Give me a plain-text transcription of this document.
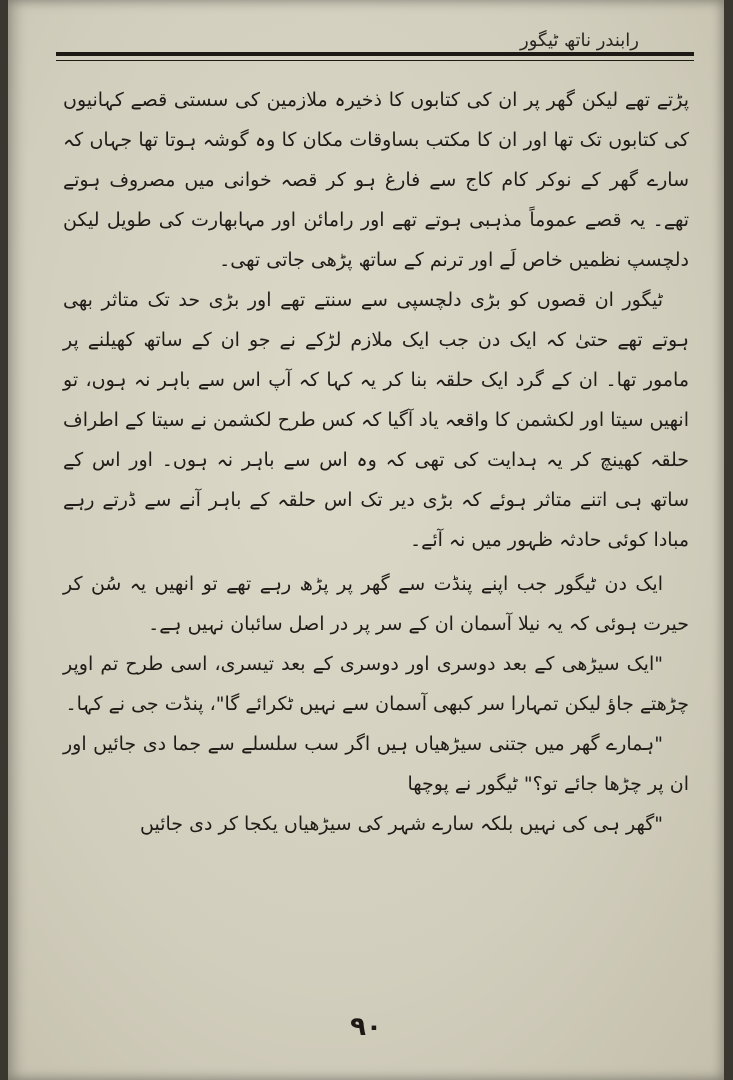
رابندر ناتھ ٹیگور

پڑتے تھے لیکن گھر پر ان کی کتابوں کا ذخیرہ ملازمین کی سستی قصے کہانیوں کی کتابوں تک تھا اور ان کا مکتب بساوقات مکان کا وہ گوشہ ہوتا تھا جہاں کہ سارے گھر کے نوکر کام کاج سے فارغ ہو کر قصہ خوانی میں مصروف ہوتے تھے۔ یہ قصے عموماً مذہبی ہوتے تھے اور رامائن اور مہابھارت کی طویل لیکن دلچسپ نظمیں خاص لَے اور ترنم کے ساتھ پڑھی جاتی تھی۔

ٹیگور ان قصوں کو بڑی دلچسپی سے سنتے تھے اور بڑی حد تک متاثر بھی ہوتے تھے حتیٰ کہ ایک دن جب ایک ملازم لڑکے نے جو ان کے ساتھ کھیلنے پر مامور تھا۔ ان کے گرد ایک حلقہ بنا کر یہ کہا کہ آپ اس سے باہر نہ ہوں، تو انھیں سیتا اور لکشمن کا واقعہ یاد آگیا کہ کس طرح لکشمن نے سیتا کے اطراف حلقہ کھینچ کر یہ ہدایت کی تھی کہ وہ اس سے باہر نہ ہوں۔ اور اس کے ساتھ ہی اتنے متاثر ہوئے کہ بڑی دیر تک اس حلقہ کے باہر آنے سے ڈرتے رہے مبادا کوئی حادثہ ظہور میں نہ آئے۔

ایک دن ٹیگور جب اپنے پنڈت سے گھر پر پڑھ رہے تھے تو انھیں یہ سُن کر حیرت ہوئی کہ یہ نیلا آسمان ان کے سر پر در اصل سائبان نہیں ہے۔

"ایک سیڑھی کے بعد دوسری اور دوسری کے بعد تیسری، اسی طرح تم اوپر چڑھتے جاؤ لیکن تمہارا سر کبھی آسمان سے نہیں ٹکرائے گا"، پنڈت جی نے کہا۔

"ہمارے گھر میں جتنی سیڑھیاں ہیں اگر سب سلسلے سے جما دی جائیں اور ان پر چڑھا جائے تو؟" ٹیگور نے پوچھا

"گھر ہی کی نہیں بلکہ سارے شہر کی سیڑھیاں یکجا کر دی جائیں

۹۰
